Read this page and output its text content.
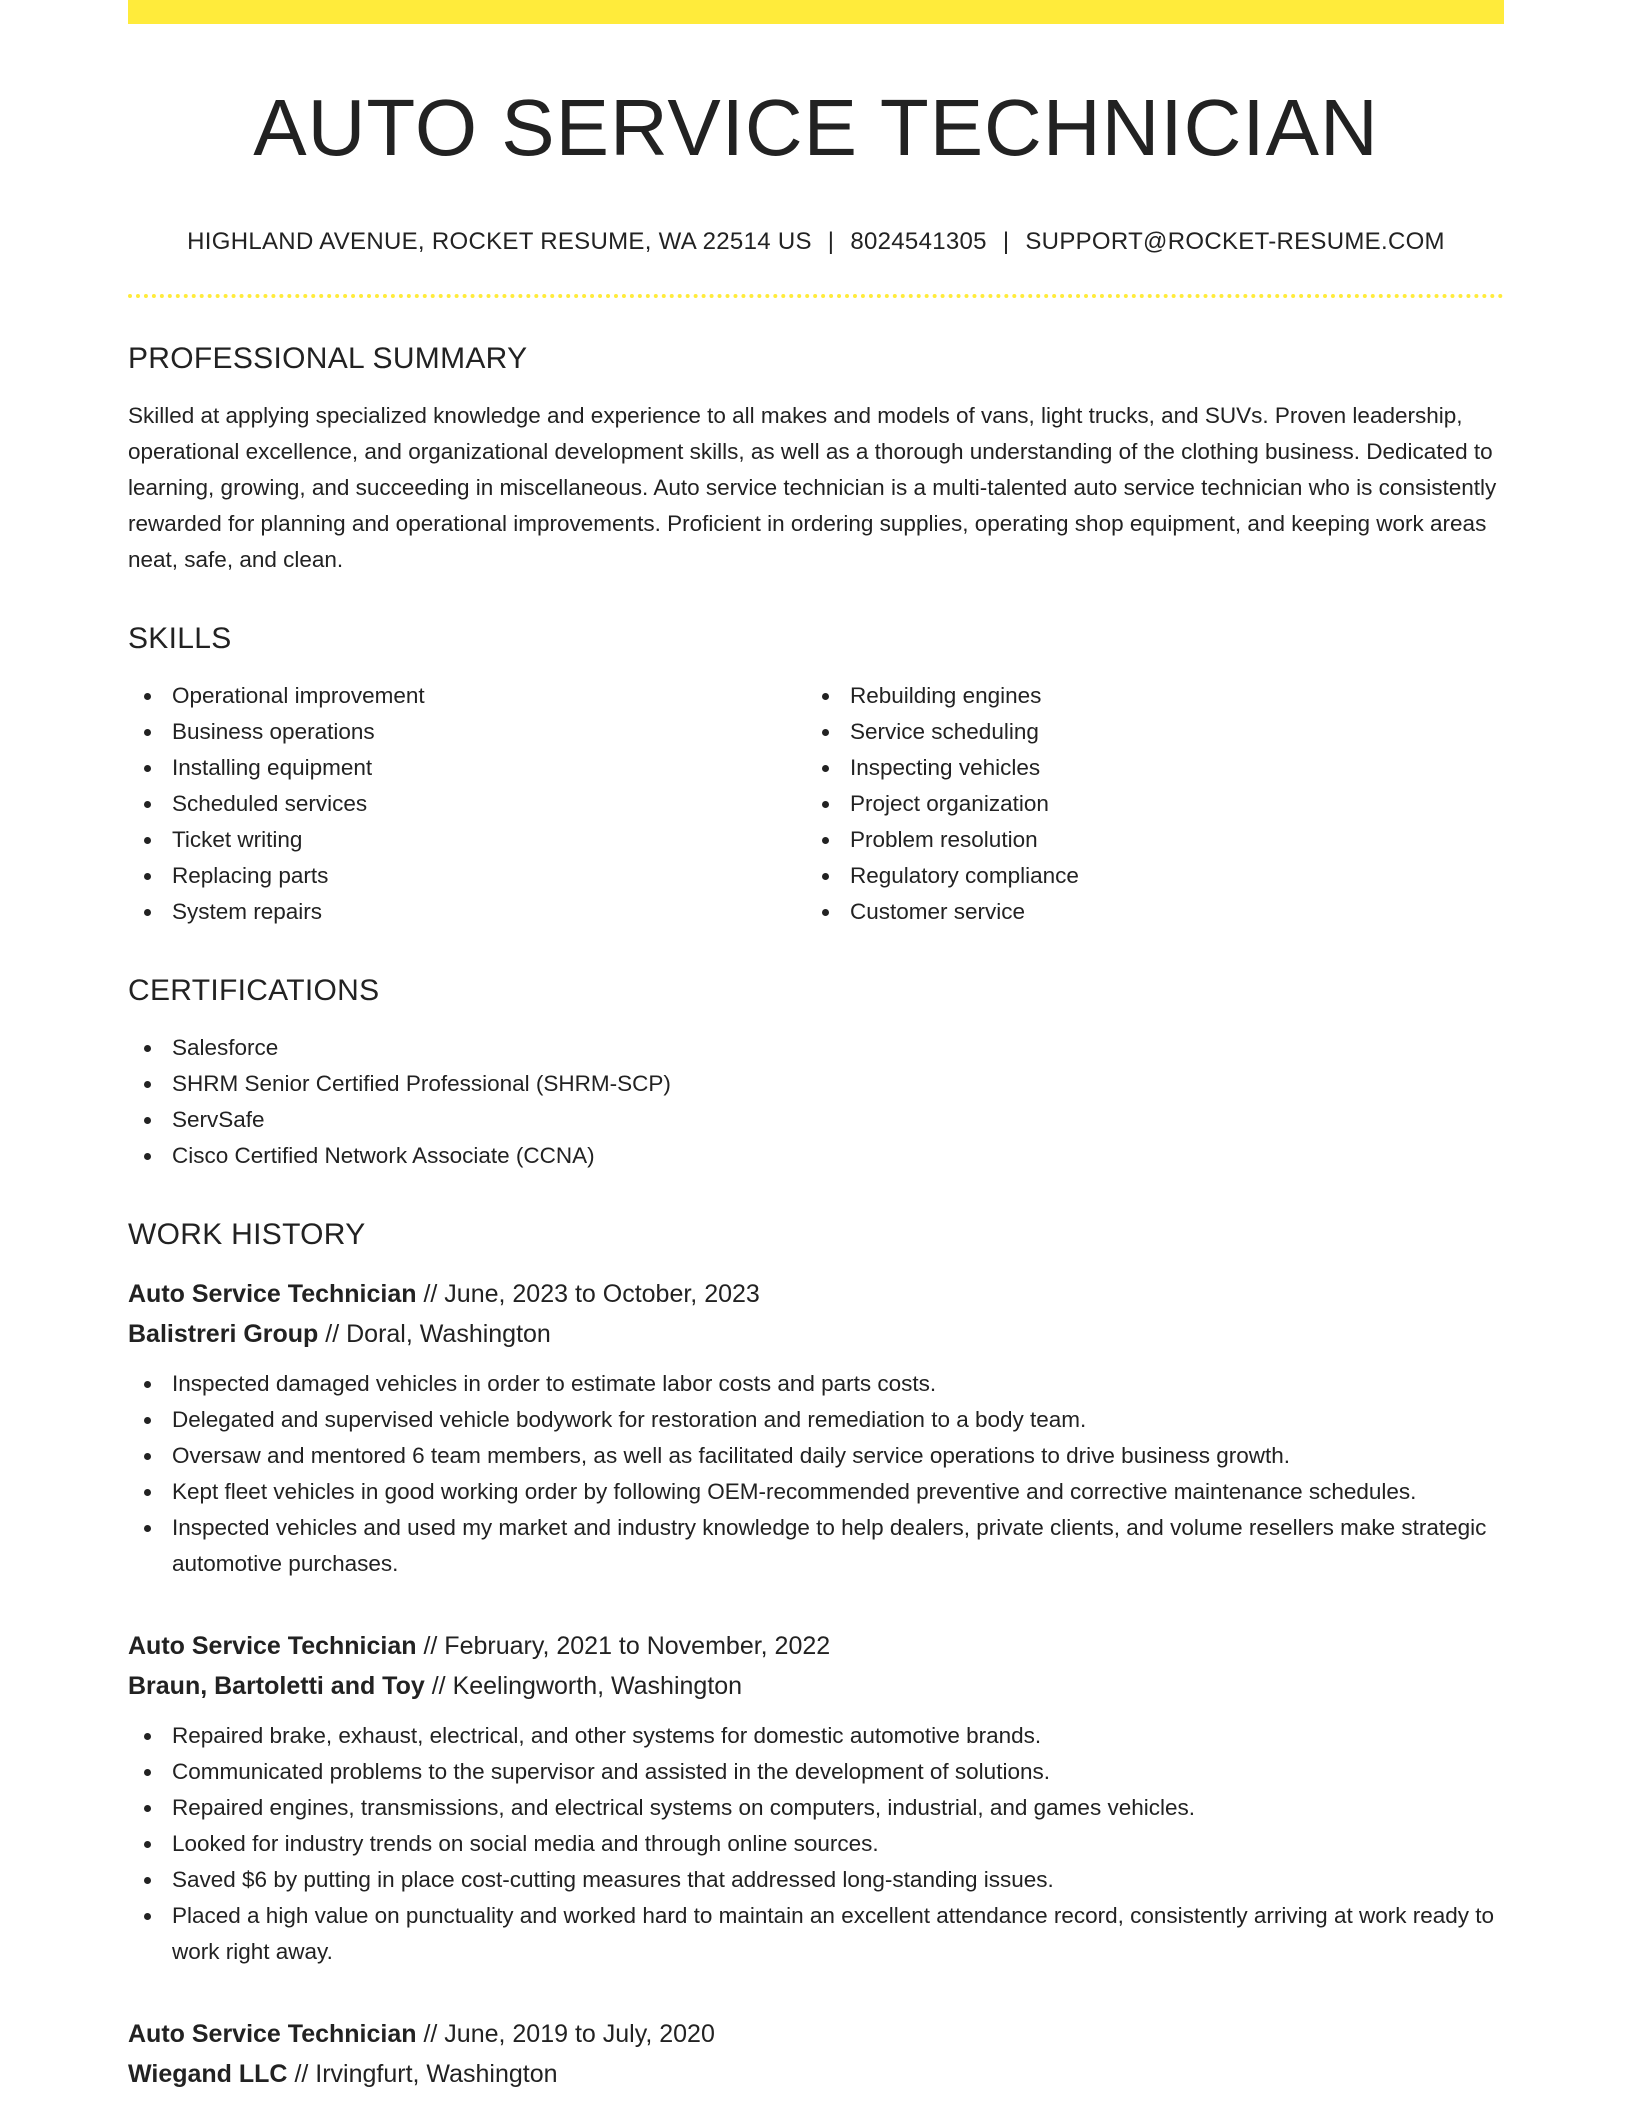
AUTO SERVICE TECHNICIAN
HIGHLAND AVENUE, ROCKET RESUME, WA 22514 US | 8024541305 | SUPPORT@ROCKET-RESUME.COM
PROFESSIONAL SUMMARY

Skilled at applying specialized knowledge and experience to all makes and models of vans, light trucks, and SUVs. Proven leadership, operational excellence, and organizational development skills, as well as a thorough understanding of the clothing business. Dedicated to learning, growing, and succeeding in miscellaneous. Auto service technician is a multi-talented auto service technician who is consistently rewarded for planning and operational improvements. Proficient in ordering supplies, operating shop equipment, and keeping work areas neat, safe, and clean.

SKILLS
Operational improvement
Business operations
Installing equipment
Scheduled services
Ticket writing
Replacing parts
System repairs
Rebuilding engines
Service scheduling
Inspecting vehicles
Project organization
Problem resolution
Regulatory compliance
Customer service
CERTIFICATIONS
Salesforce
SHRM Senior Certified Professional (SHRM-SCP)
ServSafe
Cisco Certified Network Associate (CCNA)
WORK HISTORY
Auto Service Technician // June, 2023 to October, 2023
Balistreri Group // Doral, Washington
Inspected damaged vehicles in order to estimate labor costs and parts costs.
Delegated and supervised vehicle bodywork for restoration and remediation to a body team.
Oversaw and mentored 6 team members, as well as facilitated daily service operations to drive business growth.
Kept fleet vehicles in good working order by following OEM-recommended preventive and corrective maintenance schedules.
Inspected vehicles and used my market and industry knowledge to help dealers, private clients, and volume resellers make strategic automotive purchases.
Auto Service Technician // February, 2021 to November, 2022
Braun, Bartoletti and Toy // Keelingworth, Washington
Repaired brake, exhaust, electrical, and other systems for domestic automotive brands.
Communicated problems to the supervisor and assisted in the development of solutions.
Repaired engines, transmissions, and electrical systems on computers, industrial, and games vehicles.
Looked for industry trends on social media and through online sources.
Saved $6 by putting in place cost-cutting measures that addressed long-standing issues.
Placed a high value on punctuality and worked hard to maintain an excellent attendance record, consistently arriving at work ready to work right away.
Auto Service Technician // June, 2019 to July, 2020
Wiegand LLC // Irvingfurt, Washington
